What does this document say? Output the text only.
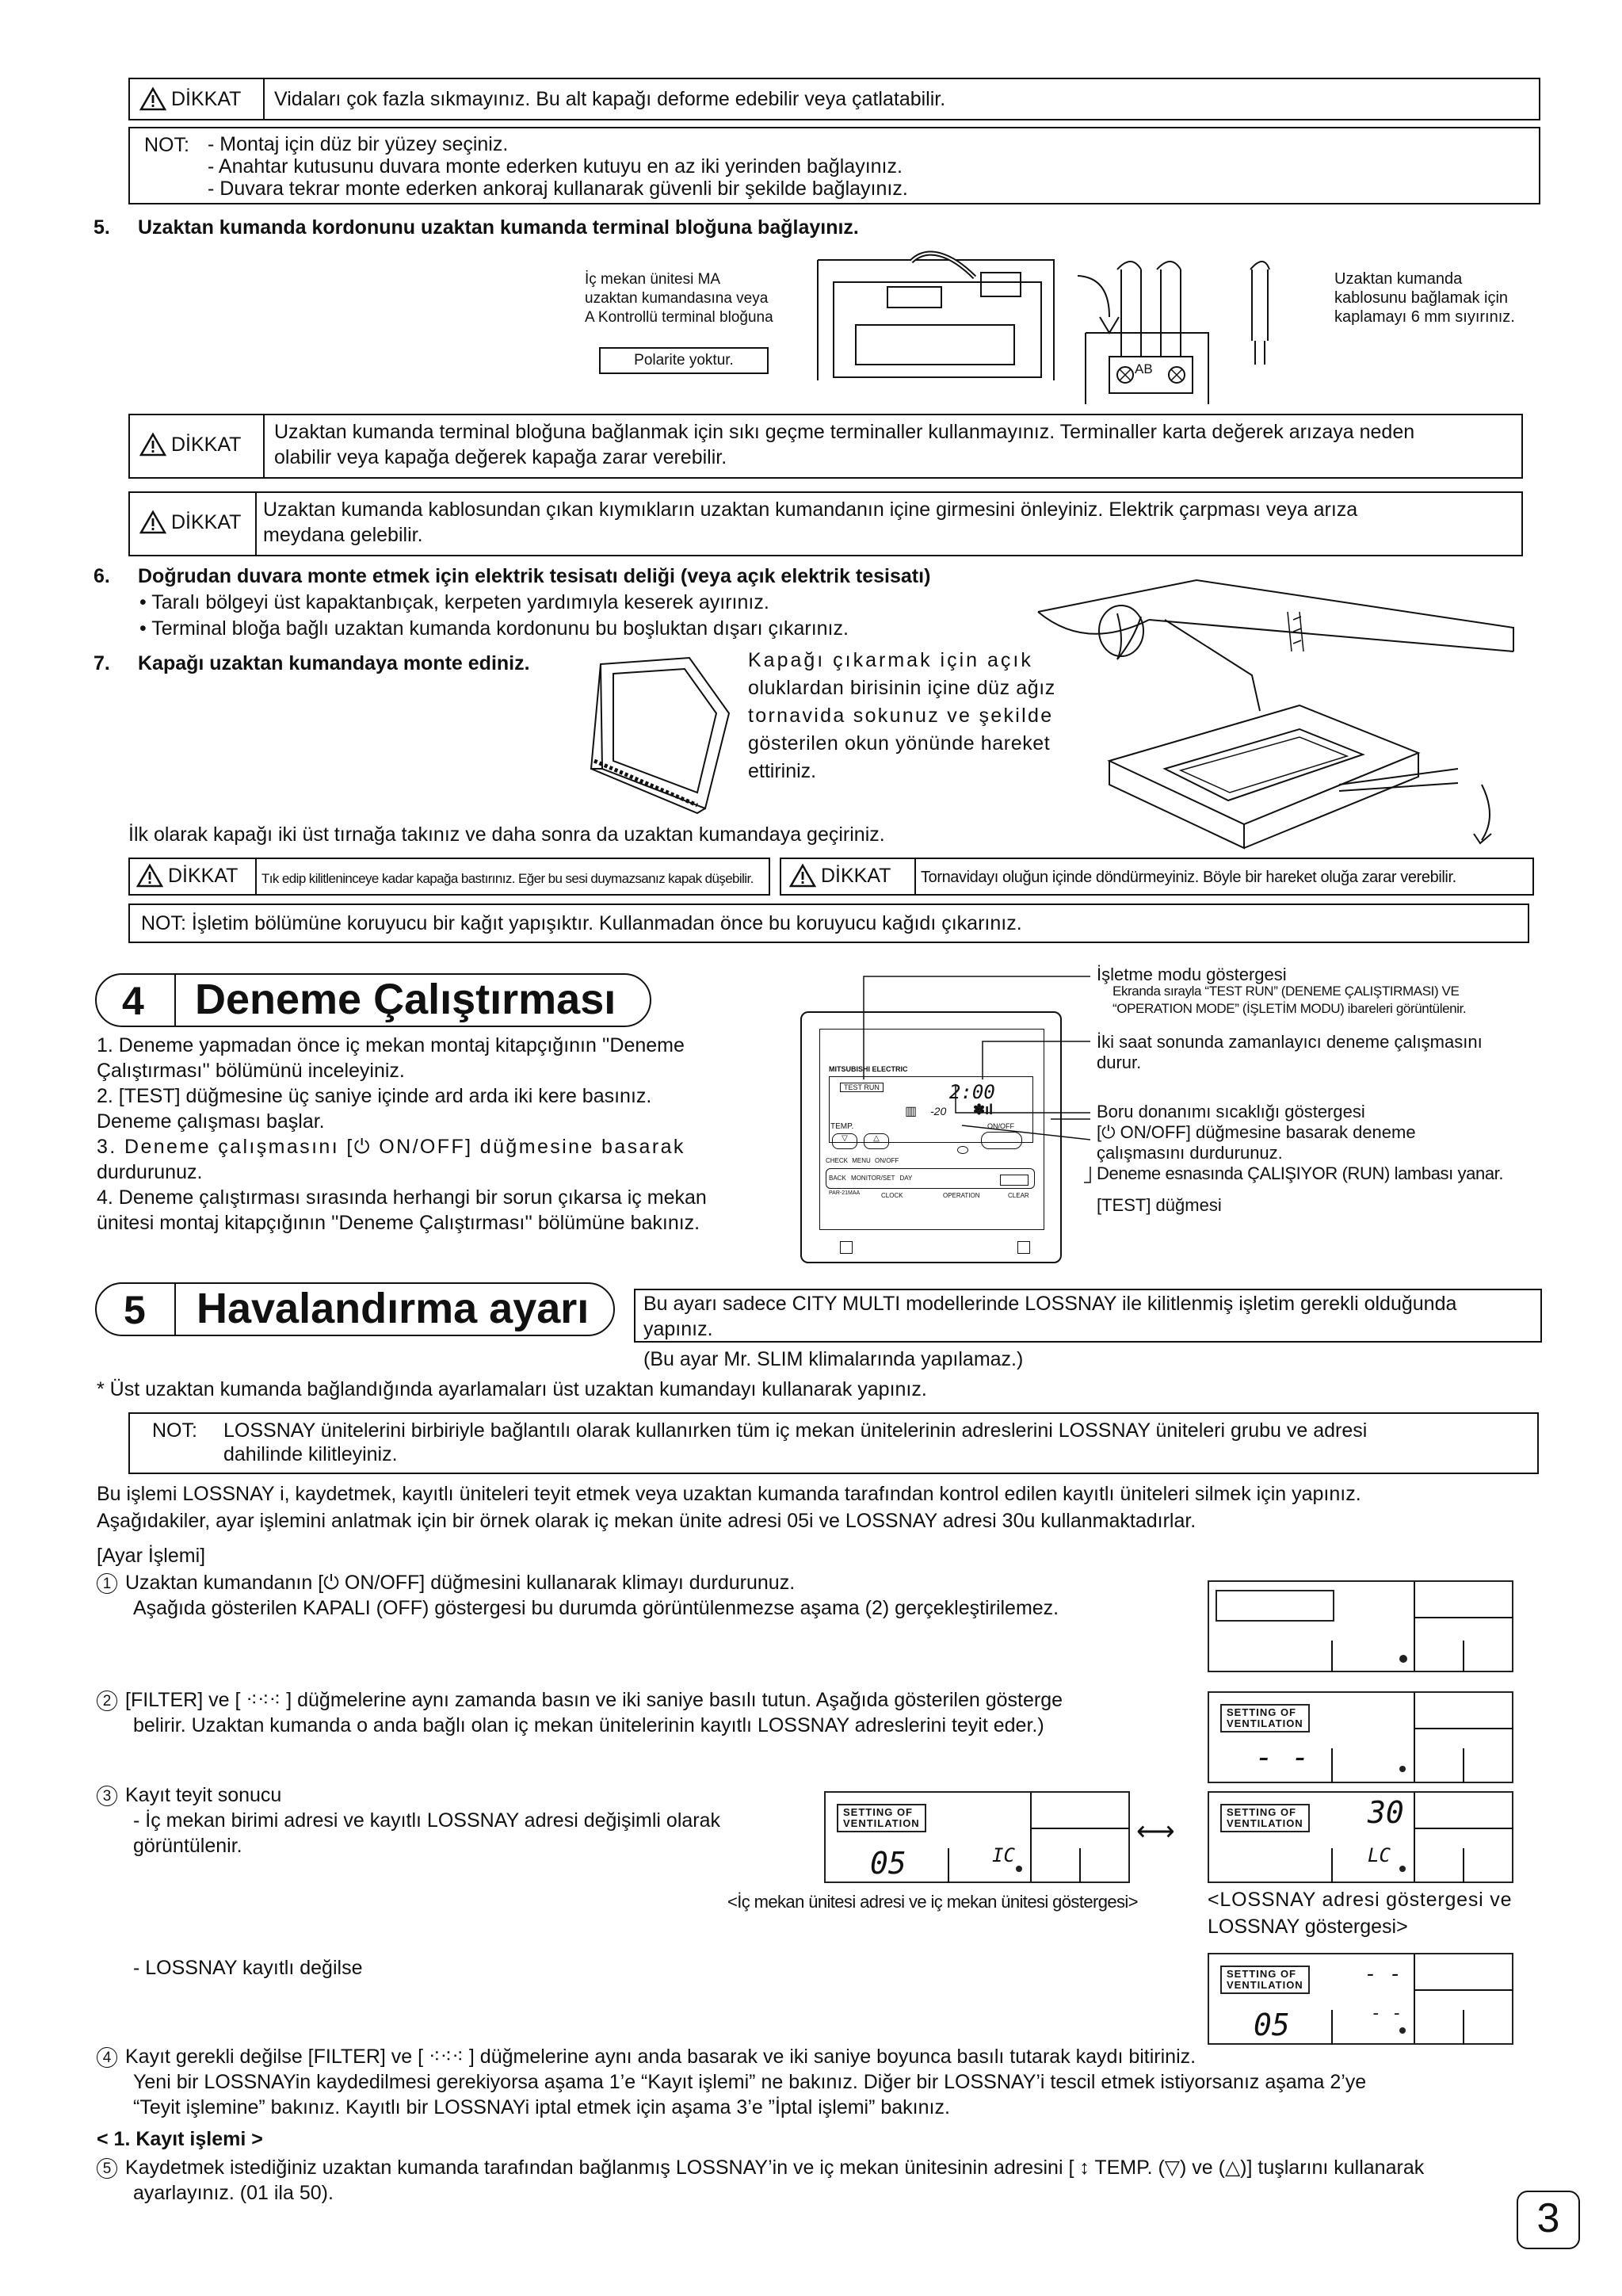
DİKKAT Vidaları çok fazla sıkmayınız. Bu alt kapağı deforme edebilir veya çatlatabilir.
NOT: - Montaj için düz bir yüzey seçiniz.
- Anahtar kutusunu duvara monte ederken kutuyu en az iki yerinden bağlayınız.
- Duvara tekrar monte ederken ankoraj kullanarak güvenli bir şekilde bağlayınız.
5. Uzaktan kumanda kordonunu uzaktan kumanda terminal bloğuna bağlayınız.
İç mekan ünitesi MA
uzaktan kumandasına veya
A Kontrollü terminal bloğuna
Polarite yoktur.
AB
Uzaktan kumanda
kablosunu bağlamak için
kaplamayı 6 mm sıyırınız.
DİKKAT
Uzaktan kumanda terminal bloğuna bağlanmak için sıkı geçme terminaller kullanmayınız. Terminaller karta değerek arızaya neden
olabilir veya kapağa değerek kapağa zarar verebilir.
DİKKAT
Uzaktan kumanda kablosundan çıkan kıymıkların uzaktan kumandanın içine girmesini önleyiniz. Elektrik çarpması veya arıza
meydana gelebilir.
6. Doğrudan duvara monte etmek için elektrik tesisatı deliği (veya açık elektrik tesisatı)
• Taralı bölgeyi üst kapaktanbıçak, kerpeten yardımıyla keserek ayırınız.
• Terminal bloğa bağlı uzaktan kumanda kordonunu bu boşluktan dışarı çıkarınız.
7. Kapağı uzaktan kumandaya monte ediniz.	Kapağı çıkarmak için açık
oluklardan birisinin içine düz ağız
tornavida sokunuz ve şekilde
gösterilen okun yönünde hareket
ettiriniz.
İlk olarak kapağı iki üst tırnağa takınız ve daha sonra da uzaktan kumandaya geçiriniz.
DİKKAT Tık edip kilitleninceye kadar kapağa bastırınız. Eğer bu sesi duymazsanız kapak düşebilir.	DİKKAT Tornavidayı oluğun içinde döndürmeyiniz. Böyle bir hareket oluğa zarar verebilir.
NOT: İşletim bölümüne koruyucu bir kağıt yapışıktır. Kullanmadan önce bu koruyucu kağıdı çıkarınız.
4 Deneme Çalıştırması
1. Deneme yapmadan önce iç mekan montaj kitapçığının ''Deneme
Çalıştırması'' bölümünü inceleyiniz.
2. [TEST] düğmesine üç saniye içinde ard arda iki kere basınız.
Deneme çalışması başlar.
3. Deneme çalışmasını [⏻ ON/OFF] düğmesine basarak
durdurunuz.
4. Deneme çalıştırması sırasında herhangi bir sorun çıkarsa iç mekan
ünitesi montaj kitapçığının ''Deneme Çalıştırması'' bölümüne bakınız.
MITSUBISHI ELECTRIC
TEST RUN	2:00
-20
▥	✽ıl
TEMP.
▽	△
ON/OFF
CHECK MENU ON/OFF
BACK MONITOR/SET DAY
PAR-21MAA	CLOCK	OPERATION	CLEAR
İşletme modu göstergesi
Ekranda sırayla “TEST RUN” (DENEME ÇALIŞTIRMASI) VE
“OPERATION MODE” (İŞLETİM MODU) ibareleri görüntülenir.
İki saat sonunda zamanlayıcı deneme çalışmasını
durur.
Boru donanımı sıcaklığı göstergesi
[⏻ ON/OFF] düğmesine basarak deneme
çalışmasını durdurunuz.
Deneme esnasında ÇALIŞIYOR (RUN) lambası yanar.
[TEST] düğmesi
5 Havalandırma ayarı	Bu ayarı sadece CITY MULTI modellerinde LOSSNAY ile kilitlenmiş işletim gerekli olduğunda
yapınız.
(Bu ayar Mr. SLIM klimalarında yapılamaz.)
* Üst uzaktan kumanda bağlandığında ayarlamaları üst uzaktan kumandayı kullanarak yapınız.
NOT: LOSSNAY ünitelerini birbiriyle bağlantılı olarak kullanırken tüm iç mekan ünitelerinin adreslerini LOSSNAY üniteleri grubu ve adresi
dahilinde kilitleyiniz.
Bu işlemi LOSSNAY i, kaydetmek, kayıtlı üniteleri teyit etmek veya uzaktan kumanda tarafından kontrol edilen kayıtlı üniteleri silmek için yapınız.
Aşağıdakiler, ayar işlemini anlatmak için bir örnek olarak iç mekan ünite adresi 05i ve LOSSNAY adresi 30u kullanmaktadırlar.
[Ayar İşlemi]
1 Uzaktan kumandanın [⏻ ON/OFF] düğmesini kullanarak klimayı durdurunuz.
Aşağıda gösterilen KAPALI (OFF) göstergesi bu durumda görüntülenmezse aşama (2) gerçekleştirilemez.
2 [FILTER] ve [ ⁖⁖⁖ ] düğmelerine aynı zamanda basın ve iki saniye basılı tutun. Aşağıda gösterilen gösterge
belirir. Uzaktan kumanda o anda bağlı olan iç mekan ünitelerinin kayıtlı LOSSNAY adreslerini teyit eder.)
SETTING OF
VENTILATION
- -
3 Kayıt teyit sonucu
- İç mekan birimi adresi ve kayıtlı LOSSNAY adresi değişimli olarak
görüntülenir.
SETTING OF
VENTILATION
05	IC
⟷
SETTING OF
VENTILATION 30
LC
<İç mekan ünitesi adresi ve iç mekan ünitesi göstergesi>	<LOSSNAY adresi göstergesi ve
LOSSNAY göstergesi>
- LOSSNAY kayıtlı değilse	SETTING OF
VENTILATION
05
- -
- -
4 Kayıt gerekli değilse [FILTER] ve [ ⁖⁖⁖ ] düğmelerine aynı anda basarak ve iki saniye boyunca basılı tutarak kaydı bitiriniz.
Yeni bir LOSSNAYin kaydedilmesi gerekiyorsa aşama 1’e “Kayıt işlemi” ne bakınız. Diğer bir LOSSNAY’i tescil etmek istiyorsanız aşama 2’ye
“Teyit işlemine” bakınız. Kayıtlı bir LOSSNAYi iptal etmek için aşama 3’e ”İptal işlemi” bakınız.
< 1. Kayıt işlemi >
5 Kaydetmek istediğiniz uzaktan kumanda tarafından bağlanmış LOSSNAY’in ve iç mekan ünitesinin adresini [ ↕ TEMP. (▽) ve (△)] tuşlarını kullanarak
ayarlayınız. (01 ila 50).
3
